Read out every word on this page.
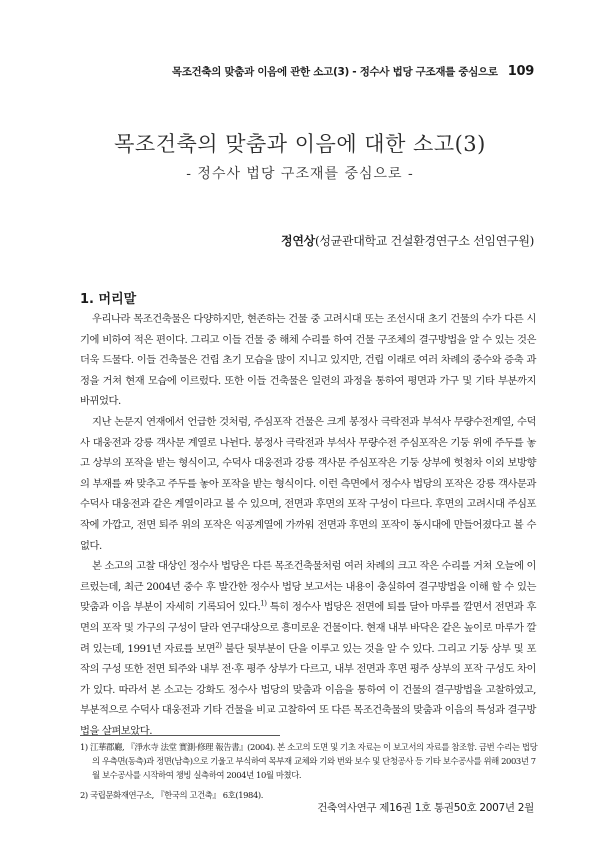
목조건축의 맞춤과 이음에 관한 소고(3) - 정수사 법당 구조재를 중심으로 109
목조건축의 맞춤과 이음에 대한 소고(3)
- 정수사 법당 구조재를 중심으로 -
정연상(성균관대학교 건설환경연구소 선임연구원)
1. 머리말

우리나라 목조건축물은 다양하지만, 현존하는 건물 중 고려시대 또는 조선시대 초기 건물의 수가 다른 시기에 비하여 적은 편이다. 그리고 이들 건물 중 해체 수리를 하여 건물 구조체의 결구방법을 알 수 있는 것은 더욱 드물다. 이들 건축물은 건립 초기 모습을 많이 지니고 있지만, 건립 이래로 여러 차례의 중수와 증축 과정을 거쳐 현재 모습에 이르렀다. 또한 이들 건축물은 일련의 과정을 통하여 평면과 가구 및 기타 부분까지 바뀌었다.

지난 논문지 연재에서 언급한 것처럼, 주심포작 건물은 크게 봉정사 극락전과 부석사 무량수전계열, 수덕사 대웅전과 강릉 객사문 계열로 나뉜다. 봉정사 극락전과 부석사 무량수전 주심포작은 기둥 위에 주두를 놓고 상부의 포작을 받는 형식이고, 수덕사 대웅전과 강릉 객사문 주심포작은 기둥 상부에 헛첨차 이외 보방향의 부재를 짜 맞추고 주두를 놓아 포작을 받는 형식이다. 이런 측면에서 정수사 법당의 포작은 강릉 객사문과 수덕사 대웅전과 같은 계열이라고 볼 수 있으며, 전면과 후면의 포작 구성이 다르다. 후면의 고려시대 주심포작에 가깝고, 전면 퇴주 위의 포작은 익공계열에 가까워 전면과 후면의 포작이 동시대에 만들어졌다고 볼 수 없다.

본 소고의 고찰 대상인 정수사 법당은 다른 목조건축물처럼 여러 차례의 크고 작은 수리를 거쳐 오늘에 이르렀는데, 최근 2004년 중수 후 발간한 정수사 법당 보고서는 내용이 충실하여 결구방법을 이해 할 수 있는 맞춤과 이음 부분이 자세히 기록되어 있다.$^{1)}$ 특히 정수사 법당은 전면에 퇴를 달아 마루를 깔면서 전면과 후면의 포작 및 가구의 구성이 달라 연구대상으로 흥미로운 건물이다. 현재 내부 바닥은 같은 높이로 마루가 깔려 있는데, 1991년 자료를 보면$^{2)}$ 불단 뒷부분이 단을 이루고 있는 것을 알 수 있다. 그리고 기둥 상부 및 포작의 구성 또한 전면 퇴주와 내부 전·후 평주 상부가 다르고, 내부 전면과 후면 평주 상부의 포작 구성도 차이가 있다. 따라서 본 소고는 강화도 정수사 법당의 맞춤과 이음을 통하여 이 건물의 결구방법을 고찰하였고, 부분적으로 수덕사 대웅전과 기타 건물을 비교 고찰하여 또 다른 목조건축물의 맞춤과 이음의 특성과 결구방법을 살펴보았다.

1) 江華郡廳, 『淨水寺 法堂 實測·修理 報告書』(2004). 본 소고의 도면 및 기초 자료는 이 보고서의 자료를 참조함. 금번 수리는 법당의 우측면(동측)과 정면(남측)으로 기울고 부식하여 목부재 교체와 기와 번와 보수 및 단청공사 등 기타 보수공사를 위해 2003년 7월 보수공사를 시작하여 챙빙 실측하여 2004년 10월 마쳤다.

2) 국립문화재연구소, 『한국의 고건축』 6호(1984).

건축역사연구 제16권 1호 통권50호 2007년 2월
